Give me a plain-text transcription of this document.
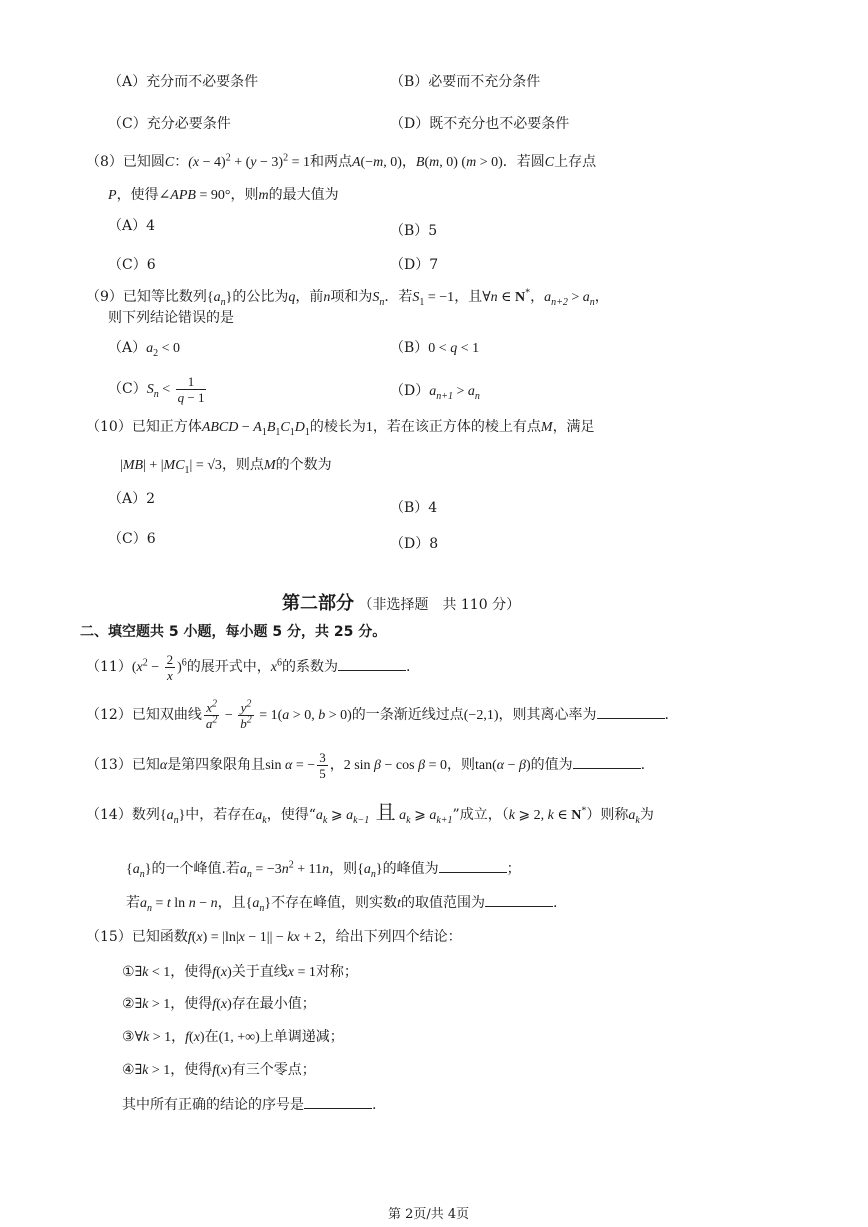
（A）充分而不必要条件	（B）必要而不充分条件
（C）充分必要条件	（D）既不充分也不必要条件
（8）已知圆C：$(x - 4)^2 + (y - 3)^2 = 1$和两点A(−m, 0)，B(m, 0) (m > 0)．若圆C上存点
P，使得∠APB = 90°，则m的最大值为
（A）4	（B）5
（C）6	（D）7
（9）已知等比数列$\{a_n\}$的公比为q，前n项和为$S_n$．若$S_1 = -1$，且∀n ∈ N*，$a_{n+2} > a_n$，
则下列结论错误的是
$(A)a_2 < 0$	（B）0 < q < 1
$(C)S_n < \frac{1}{q - 1}$	$(D)a_{n+1} > a_n$
（10）已知正方体ABCD − $A_1B_1C_1D_1$的棱长为1，若在该正方体的棱上有点M，满足
$|MB| + |MC_1| = √3$，则点M的个数为
（A）2
（B）4
（C）6	（D）8
第二部分 （非选择题　共 110 分）
二、填空题共 5 小题，每小题 5 分，共 25 分。
$(11)(x^2 - \frac{2}{x} )^6$的展开式中，$x^6$的系数为	.
（12）已知双曲线 $\frac{x^2}{a^2} - \frac{y^2}{b^2} = 1(a > 0$, b > 0)的一条渐近线过点(−2,1)，则其离心率为	.
（13）已知α是第四象限角且sin α = − $\frac{3}{5}$ ，2 sin β − cos β = 0，则tan(α − β)的值为	.
（14）数列$\{a_n\}$中，若存在$a_k$，使得“$a_k$ ⩾ $a_{k-1}$ 且 $a_k$ ⩾ $a_{k+1}$”成立，（k ⩾ 2, k ∈ N*）则称$a_k$为
$\{a_n\}$的一个峰值.若$a_n = -3n^2 + 11n$，则$\{a_n\}$的峰值为	；
若$a_n = t$ ln n − n，且$\{a_n\}$不存在峰值，则实数t的取值范围为	.
（15）已知函数f(x) = |ln|x − 1|| − kx + 2，给出下列四个结论：
①∃k < 1，使得f(x)关于直线x = 1对称；
②∃k > 1，使得f(x)存在最小值；
③∀k > 1，f(x)在(1, +∞)上单调递减；
④∃k > 1，使得f(x)有三个零点；
其中所有正确的结论的序号是	.
第 2页/共 4页
